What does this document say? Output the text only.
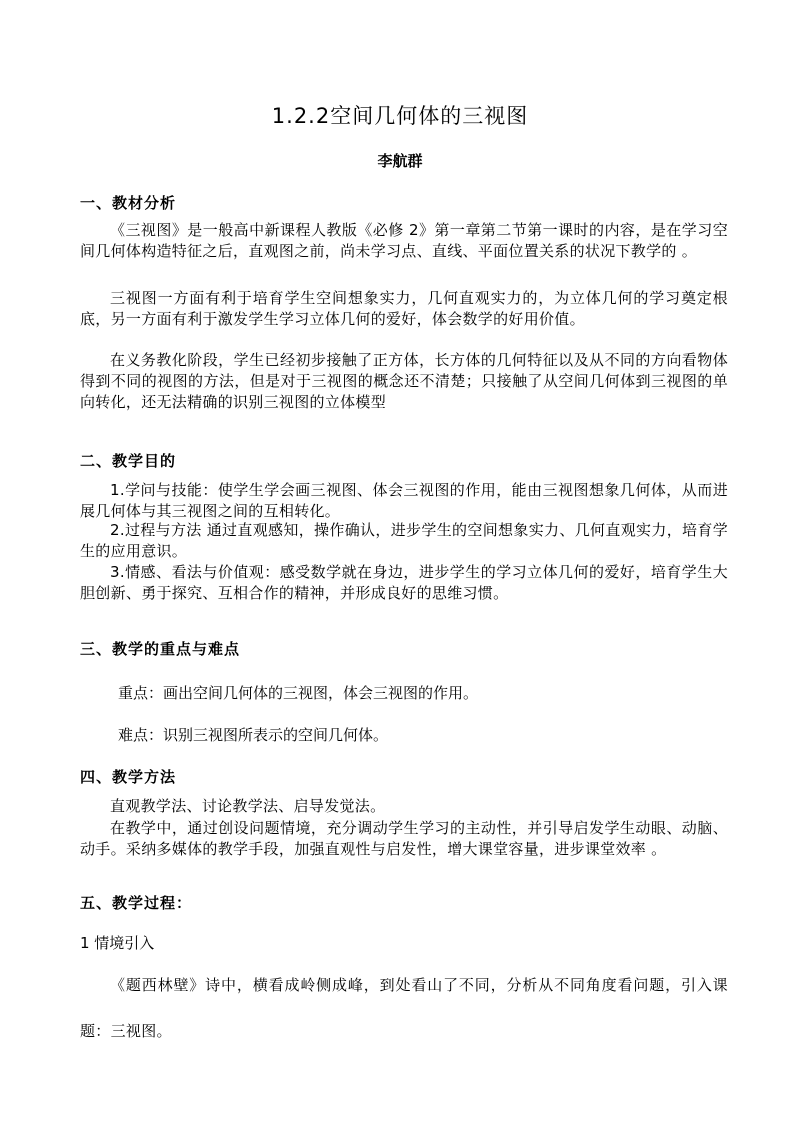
1.2.2空间几何体的三视图
李航群
一、教材分析
《三视图》是一般高中新课程人教版《必修 2》第一章第二节第一课时的内容，是在学习空间几何体构造特征之后，直观图之前，尚未学习点、直线、平面位置关系的状况下教学的 。
三视图一方面有利于培育学生空间想象实力，几何直观实力的，为立体几何的学习奠定根底，另一方面有利于激发学生学习立体几何的爱好，体会数学的好用价值。
在义务教化阶段，学生已经初步接触了正方体，长方体的几何特征以及从不同的方向看物体得到不同的视图的方法，但是对于三视图的概念还不清楚；只接触了从空间几何体到三视图的单向转化，还无法精确的识别三视图的立体模型
二、教学目的
1.学问与技能：使学生学会画三视图、体会三视图的作用，能由三视图想象几何体，从而进展几何体与其三视图之间的互相转化。
2.过程与方法 通过直观感知，操作确认，进步学生的空间想象实力、几何直观实力，培育学生的应用意识。
3.情感、看法与价值观：感受数学就在身边，进步学生的学习立体几何的爱好，培育学生大胆创新、勇于探究、互相合作的精神，并形成良好的思维习惯。
三、教学的重点与难点
重点：画出空间几何体的三视图，体会三视图的作用。
难点：识别三视图所表示的空间几何体。
四、教学方法
直观教学法、讨论教学法、启导发觉法。
在教学中，通过创设问题情境，充分调动学生学习的主动性，并引导启发学生动眼、动脑、动手。采纳多媒体的教学手段，加强直观性与启发性，增大课堂容量，进步课堂效率 。
五、教学过程：
1 情境引入
《题西林壁》诗中，横看成岭侧成峰，到处看山了不同，分析从不同角度看问题，引入课题：三视图。
